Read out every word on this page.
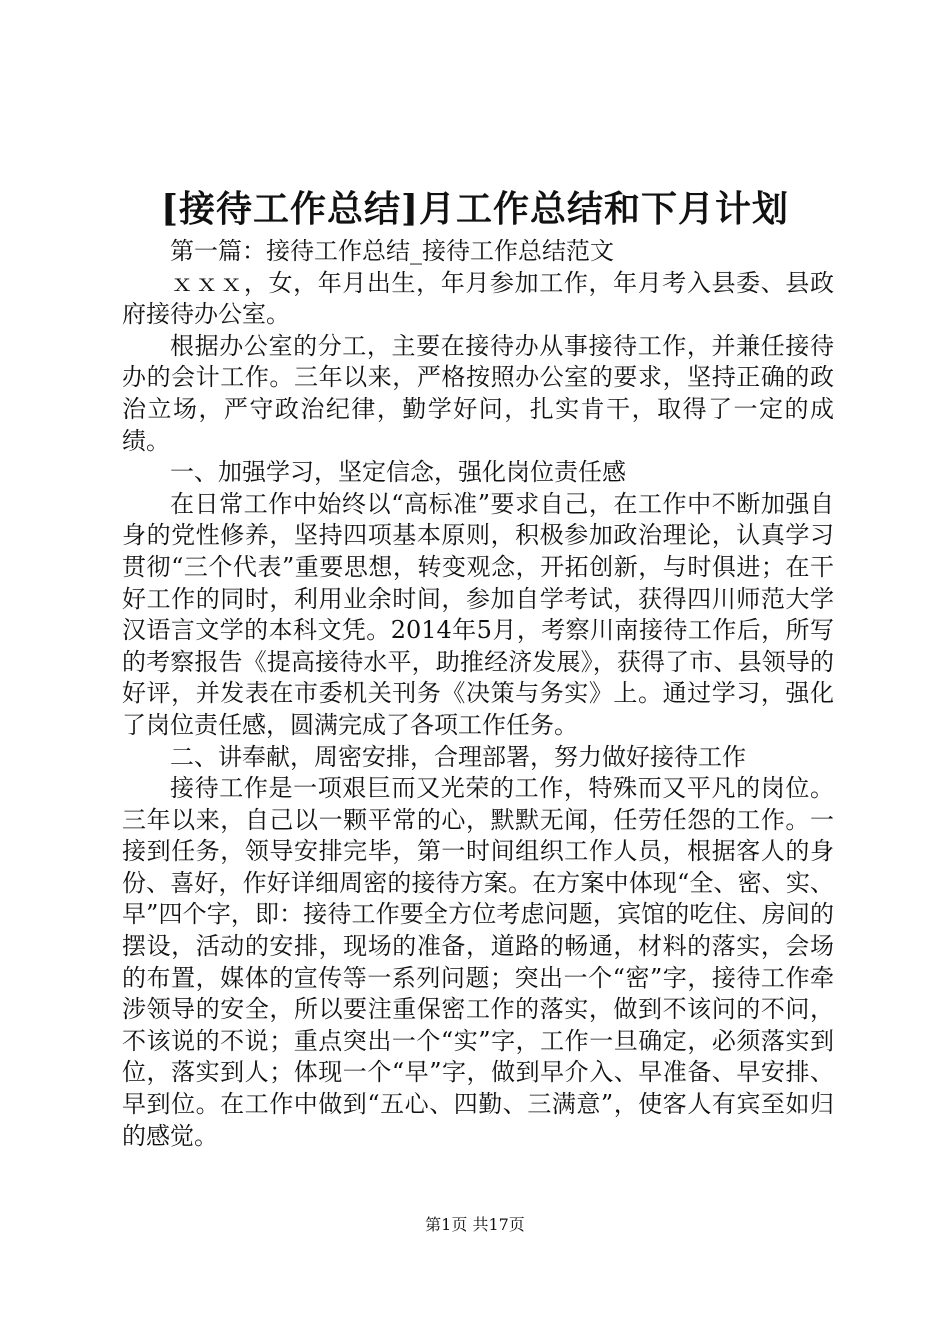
[接待工作总结]月工作总结和下月计划

第一篇：接待工作总结_接待工作总结范文

ｘｘｘ，女，年月出生，年月参加工作，年月考入县委、县政府接待办公室。

根据办公室的分工，主要在接待办从事接待工作，并兼任接待办的会计工作。三年以来，严格按照办公室的要求，坚持正确的政治立场，严守政治纪律，勤学好问，扎实肯干，取得了一定的成绩。

一、加强学习，坚定信念，强化岗位责任感

在日常工作中始终以“高标准”要求自己，在工作中不断加强自身的党性修养，坚持四项基本原则，积极参加政治理论，认真学习贯彻“三个代表”重要思想，转变观念，开拓创新，与时俱进；在干好工作的同时，利用业余时间，参加自学考试，获得四川师范大学汉语言文学的本科文凭。2014年5月，考察川南接待工作后，所写的考察报告《提高接待水平，助推经济发展》，获得了市、县领导的好评，并发表在市委机关刊务《决策与务实》上。通过学习，强化了岗位责任感，圆满完成了各项工作任务。

二、讲奉献，周密安排，合理部署，努力做好接待工作

接待工作是一项艰巨而又光荣的工作，特殊而又平凡的岗位。三年以来，自己以一颗平常的心，默默无闻，任劳任怨的工作。一接到任务，领导安排完毕，第一时间组织工作人员，根据客人的身份、喜好，作好详细周密的接待方案。在方案中体现“全、密、实、早”四个字，即：接待工作要全方位考虑问题，宾馆的吃住、房间的摆设，活动的安排，现场的准备，道路的畅通，材料的落实，会场的布置，媒体的宣传等一系列问题；突出一个“密”字，接待工作牵涉领导的安全，所以要注重保密工作的落实，做到不该问的不问，不该说的不说；重点突出一个“实”字，工作一旦确定，必须落实到位，落实到人；体现一个“早”字，做到早介入、早准备、早安排、早到位。在工作中做到“五心、四勤、三满意”，使客人有宾至如归的感觉。

第1页 共17页
